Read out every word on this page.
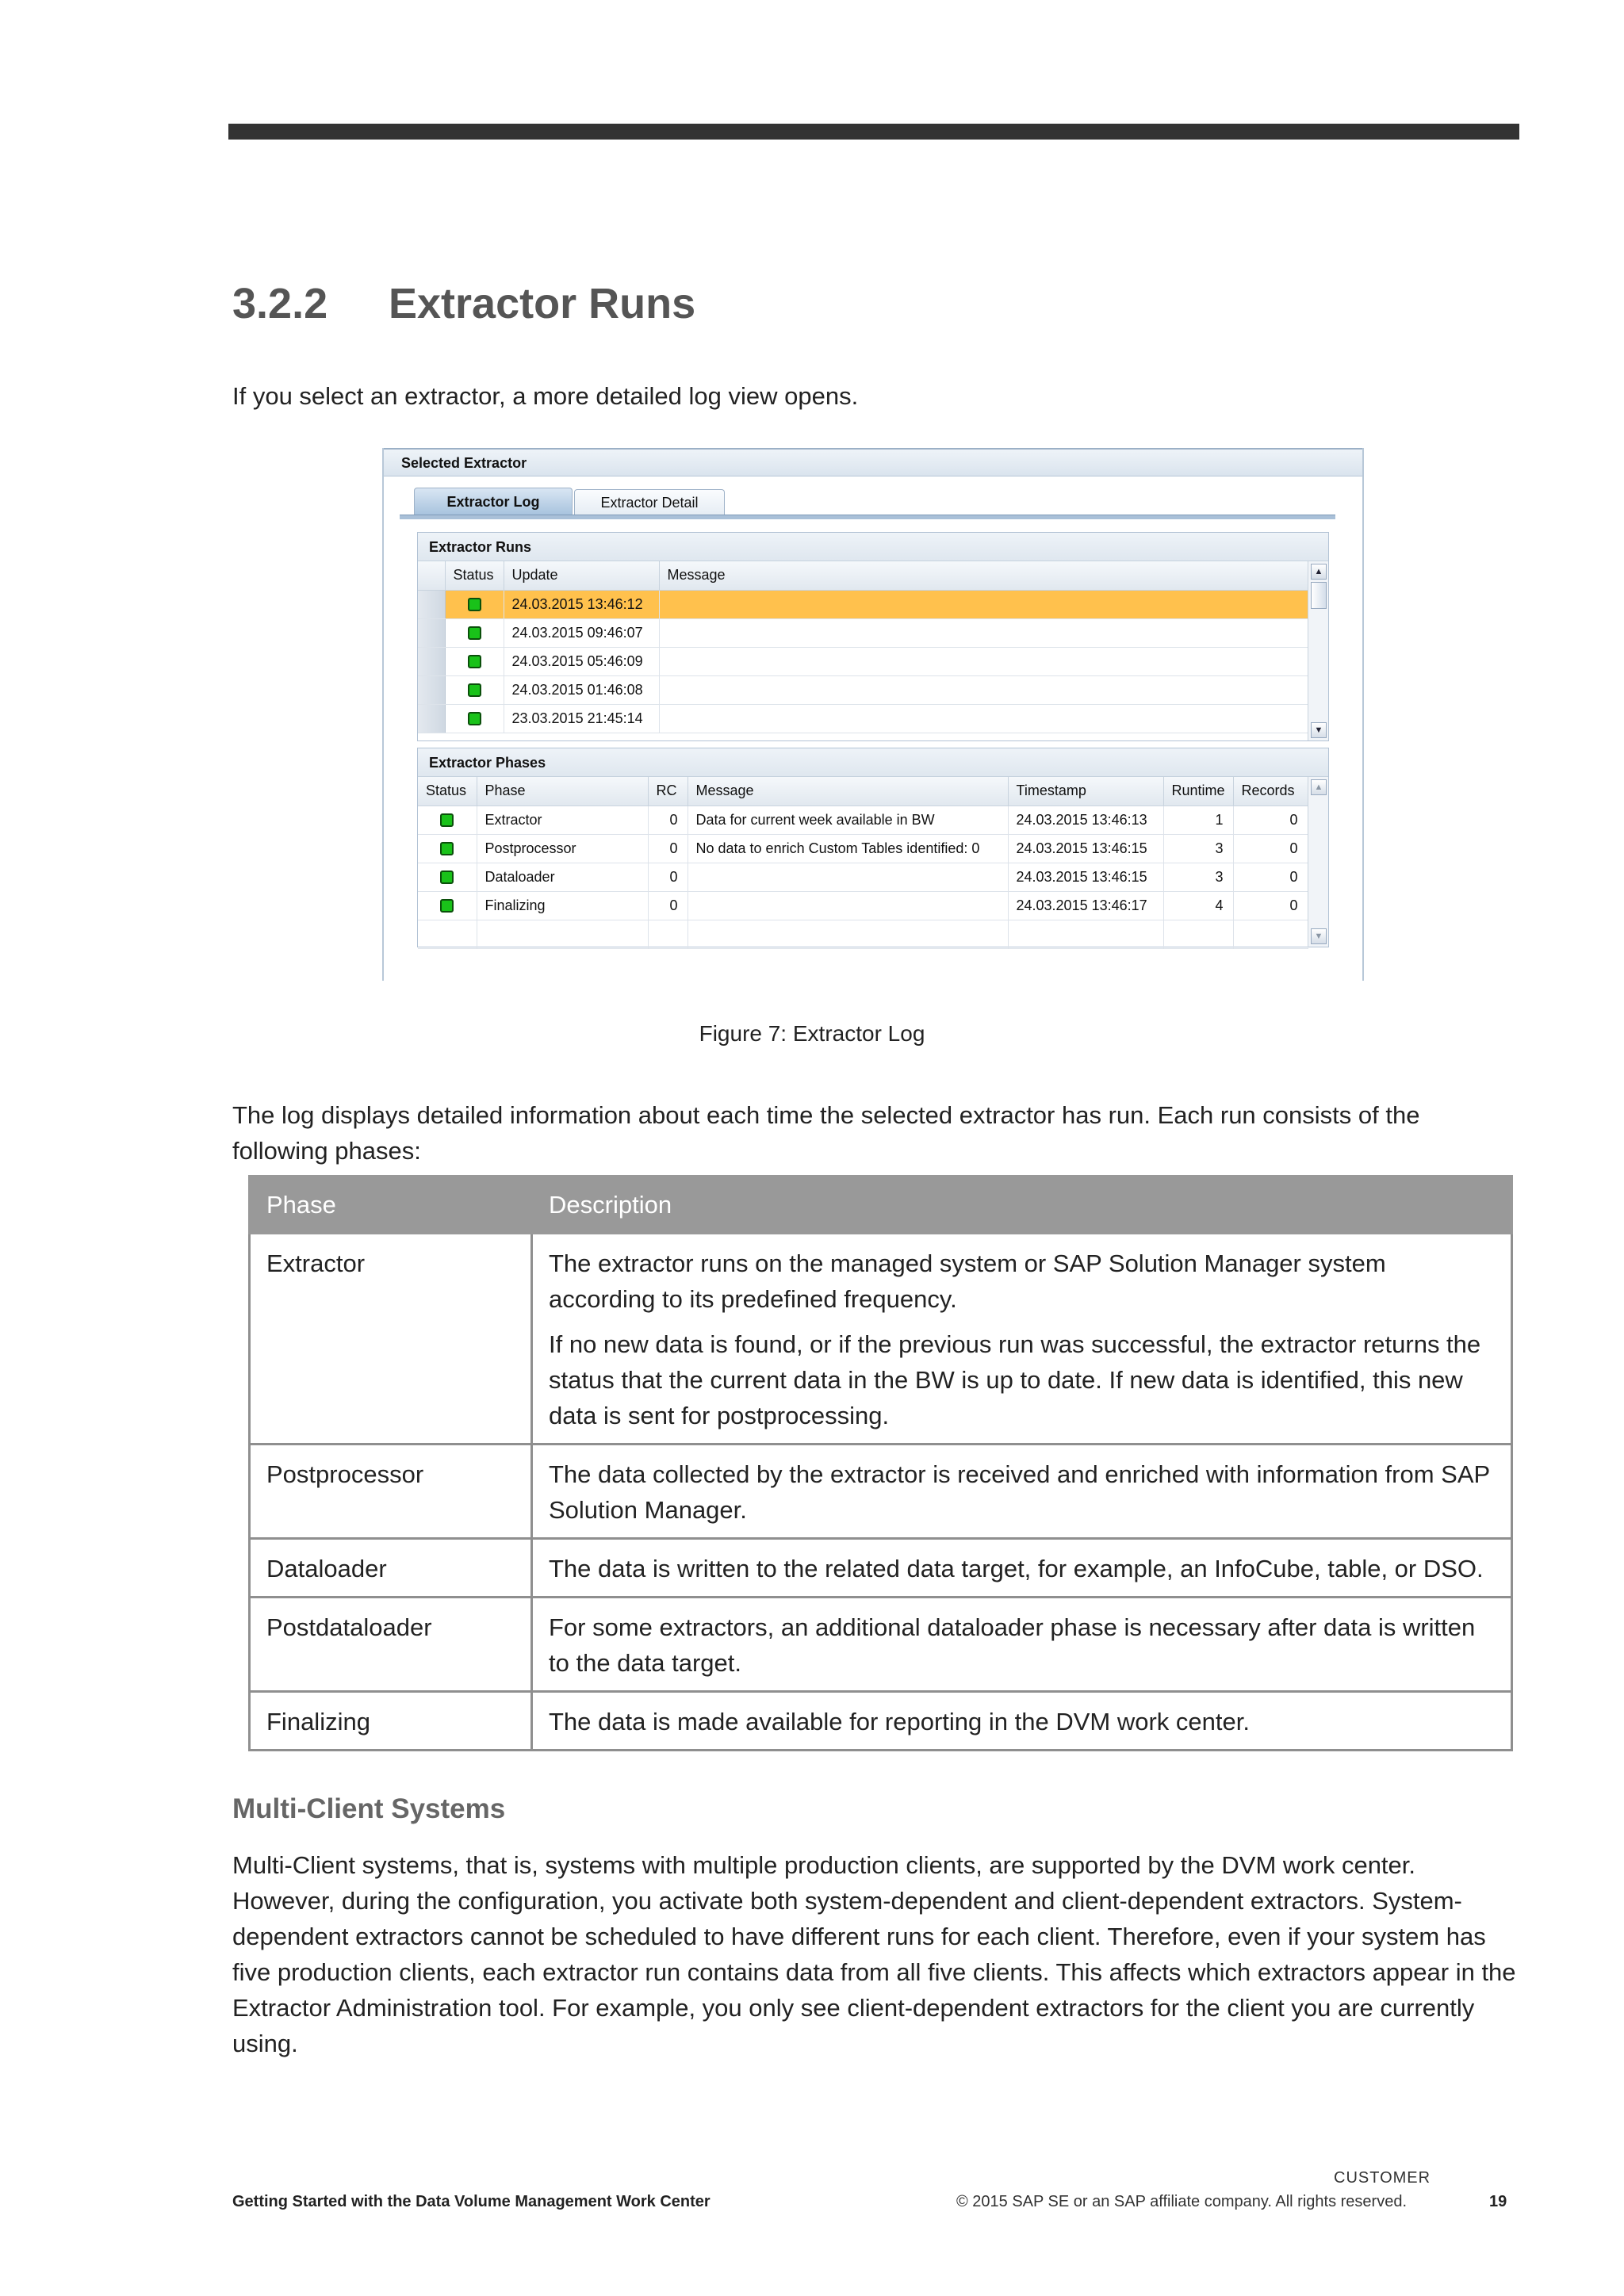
3.2.2 Extractor Runs

If you select an extractor, a more detailed log view opens.

Selected Extractor
Extractor Log	Extractor Detail
Extractor Runs
	Status	Update	Message
		24.03.2015 13:46:12	
		24.03.2015 09:46:07	
		24.03.2015 05:46:09	
		24.03.2015 01:46:08	
		23.03.2015 21:45:14	
▲
▼
Extractor Phases
Status	Phase	RC	Message	Timestamp	Runtime	Records
	Extractor	0	Data for current week available in BW	24.03.2015 13:46:13	1	0
	Postprocessor	0	No data to enrich Custom Tables identified: 0	24.03.2015 13:46:15	3	0
	Dataloader	0		24.03.2015 13:46:15	3	0
	Finalizing	0		24.03.2015 13:46:17	4	0

▲
▼
Figure 7: Extractor Log

The log displays detailed information about each time the selected extractor has run. Each run consists of the following phases:

Phase	Description
Extractor	The extractor runs on the managed system or SAP Solution Manager system according to its predefined frequency.

If no new data is found, or if the previous run was successful, the extractor returns the status that the current data in the BW is up to date. If new data is identified, this new data is sent for postprocessing.

Postprocessor	The data collected by the extractor is received and enriched with information from SAP Solution Manager.

Dataloader	The data is written to the related data target, for example, an InfoCube, table, or DSO.

Postdataloader	For some extractors, an additional dataloader phase is necessary after data is written to the data target.

Finalizing	The data is made available for reporting in the DVM work center.

Multi-Client Systems

Multi-Client systems, that is, systems with multiple production clients, are supported by the DVM work center. However, during the configuration, you activate both system-dependent and client-dependent extractors. System-dependent extractors cannot be scheduled to have different runs for each client. Therefore, even if your system has five production clients, each extractor run contains data from all five clients. This affects which extractors appear in the Extractor Administration tool. For example, you only see client-dependent extractors for the client you are currently using.

Getting Started with the Data Volume Management Work Center
CUSTOMER
© 2015 SAP SE or an SAP affiliate company. All rights reserved.	19
